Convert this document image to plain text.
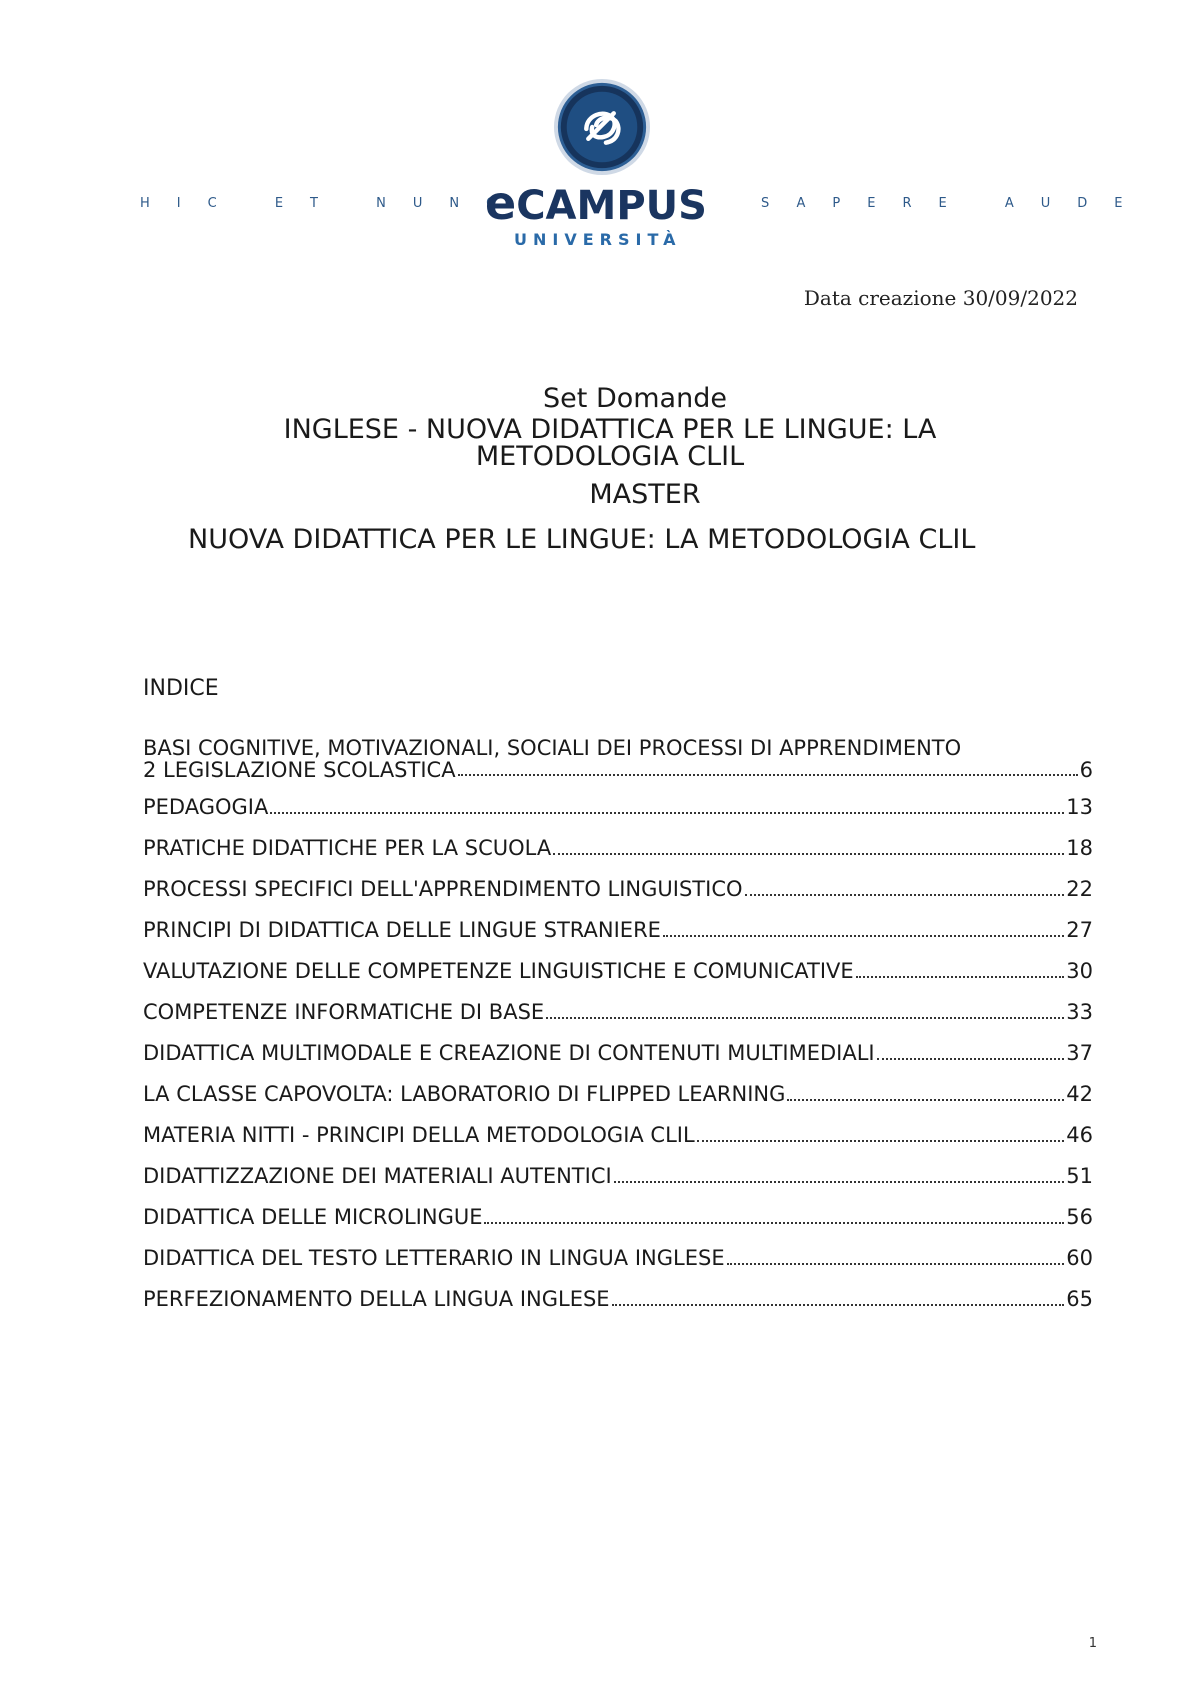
HIC ET NUNC
eCAMPUS	SAPERE AUDE
UNIVERSITÀ
Data creazione 30/09/2022
Set Domande
INGLESE - NUOVA DIDATTICA PER LE LINGUE: LA
METODOLOGIA CLIL
MASTER
NUOVA DIDATTICA PER LE LINGUE: LA METODOLOGIA CLIL
INDICE
BASI COGNITIVE, MOTIVAZIONALI, SOCIALI DEI PROCESSI DI APPRENDIMENTO
2 LEGISLAZIONE SCOLASTICA	6
PEDAGOGIA	13
PRATICHE DIDATTICHE PER LA SCUOLA	18
PROCESSI SPECIFICI DELL'APPRENDIMENTO LINGUISTICO	22
PRINCIPI DI DIDATTICA DELLE LINGUE STRANIERE	27
VALUTAZIONE DELLE COMPETENZE LINGUISTICHE E COMUNICATIVE	30
COMPETENZE INFORMATICHE DI BASE	33
DIDATTICA MULTIMODALE E CREAZIONE DI CONTENUTI MULTIMEDIALI	37
LA CLASSE CAPOVOLTA: LABORATORIO DI FLIPPED LEARNING	42
MATERIA NITTI - PRINCIPI DELLA METODOLOGIA CLIL	46
DIDATTIZZAZIONE DEI MATERIALI AUTENTICI	51
DIDATTICA DELLE MICROLINGUE	56
DIDATTICA DEL TESTO LETTERARIO IN LINGUA INGLESE	60
PERFEZIONAMENTO DELLA LINGUA INGLESE	65
1
